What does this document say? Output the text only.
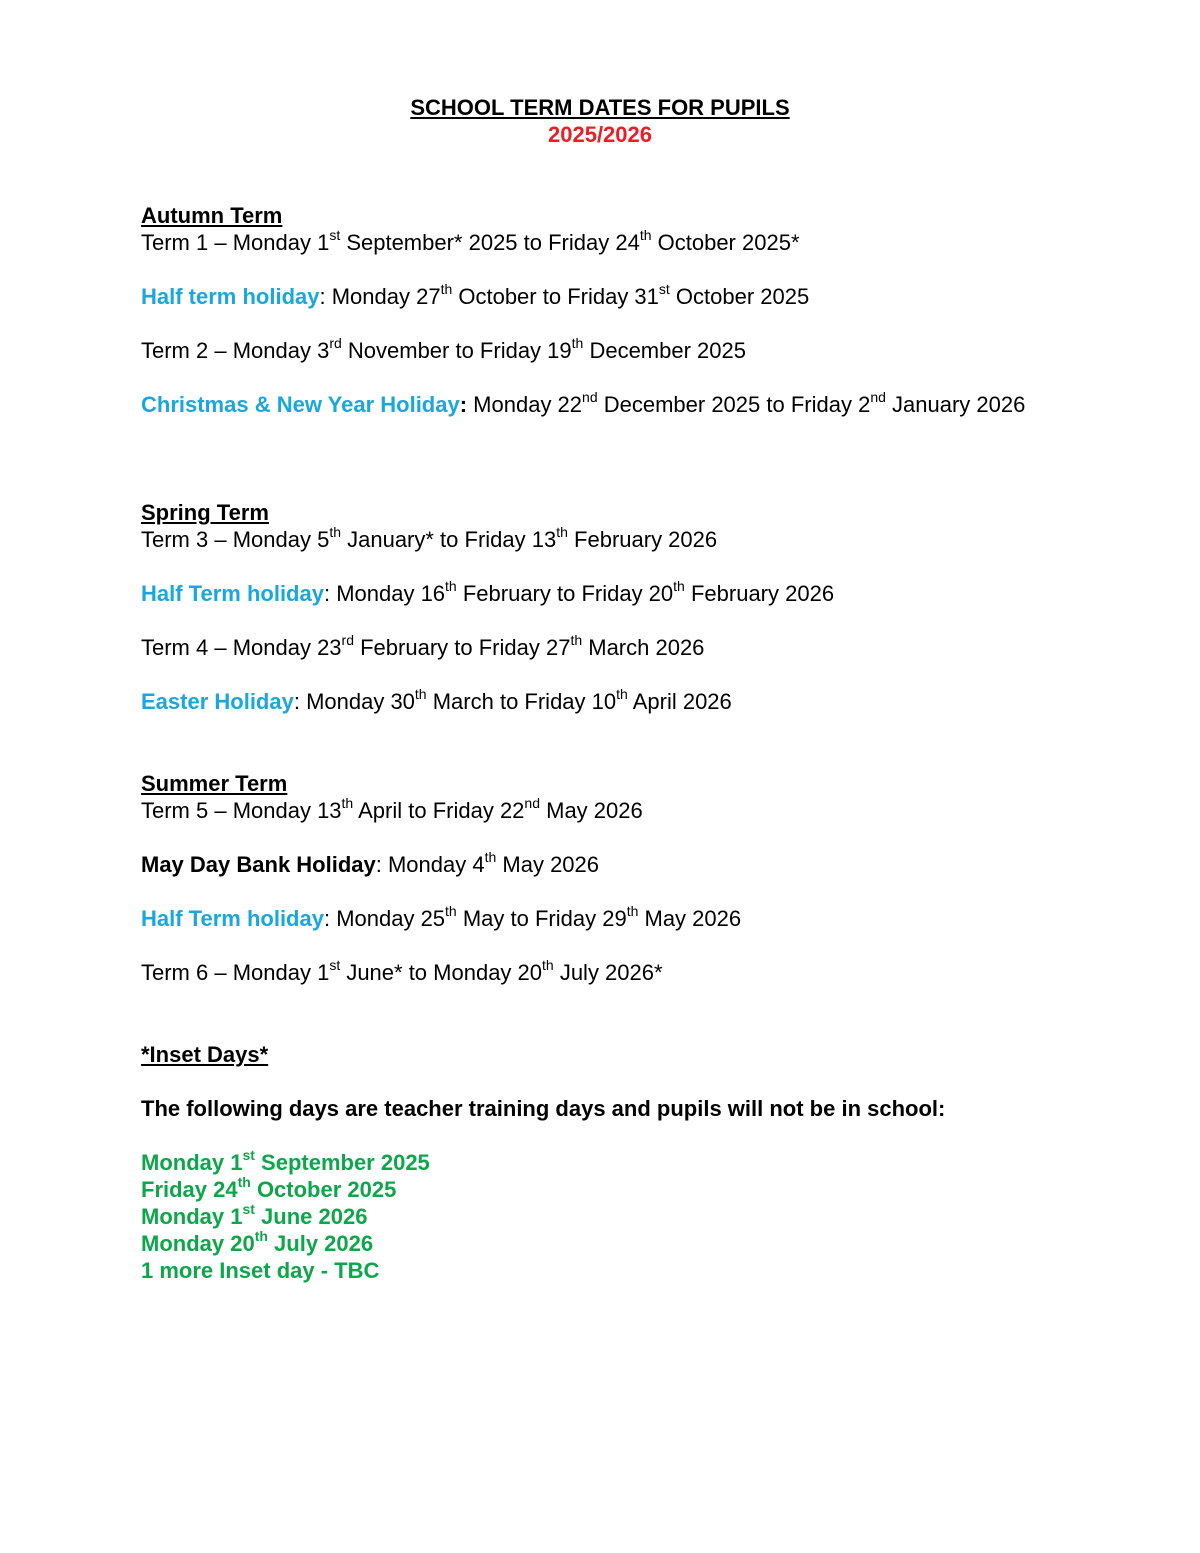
SCHOOL TERM DATES FOR PUPILS
2025/2026
Autumn Term
Term 1 – Monday 1st September* 2025 to Friday 24th October 2025*
Half term holiday: Monday 27th October to Friday 31st October 2025
Term 2 – Monday 3rd November to Friday 19th December 2025
Christmas & New Year Holiday: Monday 22nd December 2025 to Friday 2nd January 2026
Spring Term
Term 3 – Monday 5th January* to Friday 13th February 2026
Half Term holiday: Monday 16th February to Friday 20th February 2026
Term 4 – Monday 23rd February to Friday 27th March 2026
Easter Holiday: Monday 30th March to Friday 10th April 2026
Summer Term
Term 5 – Monday 13th April to Friday 22nd May 2026
May Day Bank Holiday: Monday 4th May 2026
Half Term holiday: Monday 25th May to Friday 29th May 2026
Term 6 – Monday 1st June* to Monday 20th July 2026*
*Inset Days*
The following days are teacher training days and pupils will not be in school:
Monday 1st September 2025
Friday 24th October 2025
Monday 1st June 2026
Monday 20th July 2026
1 more Inset day - TBC
